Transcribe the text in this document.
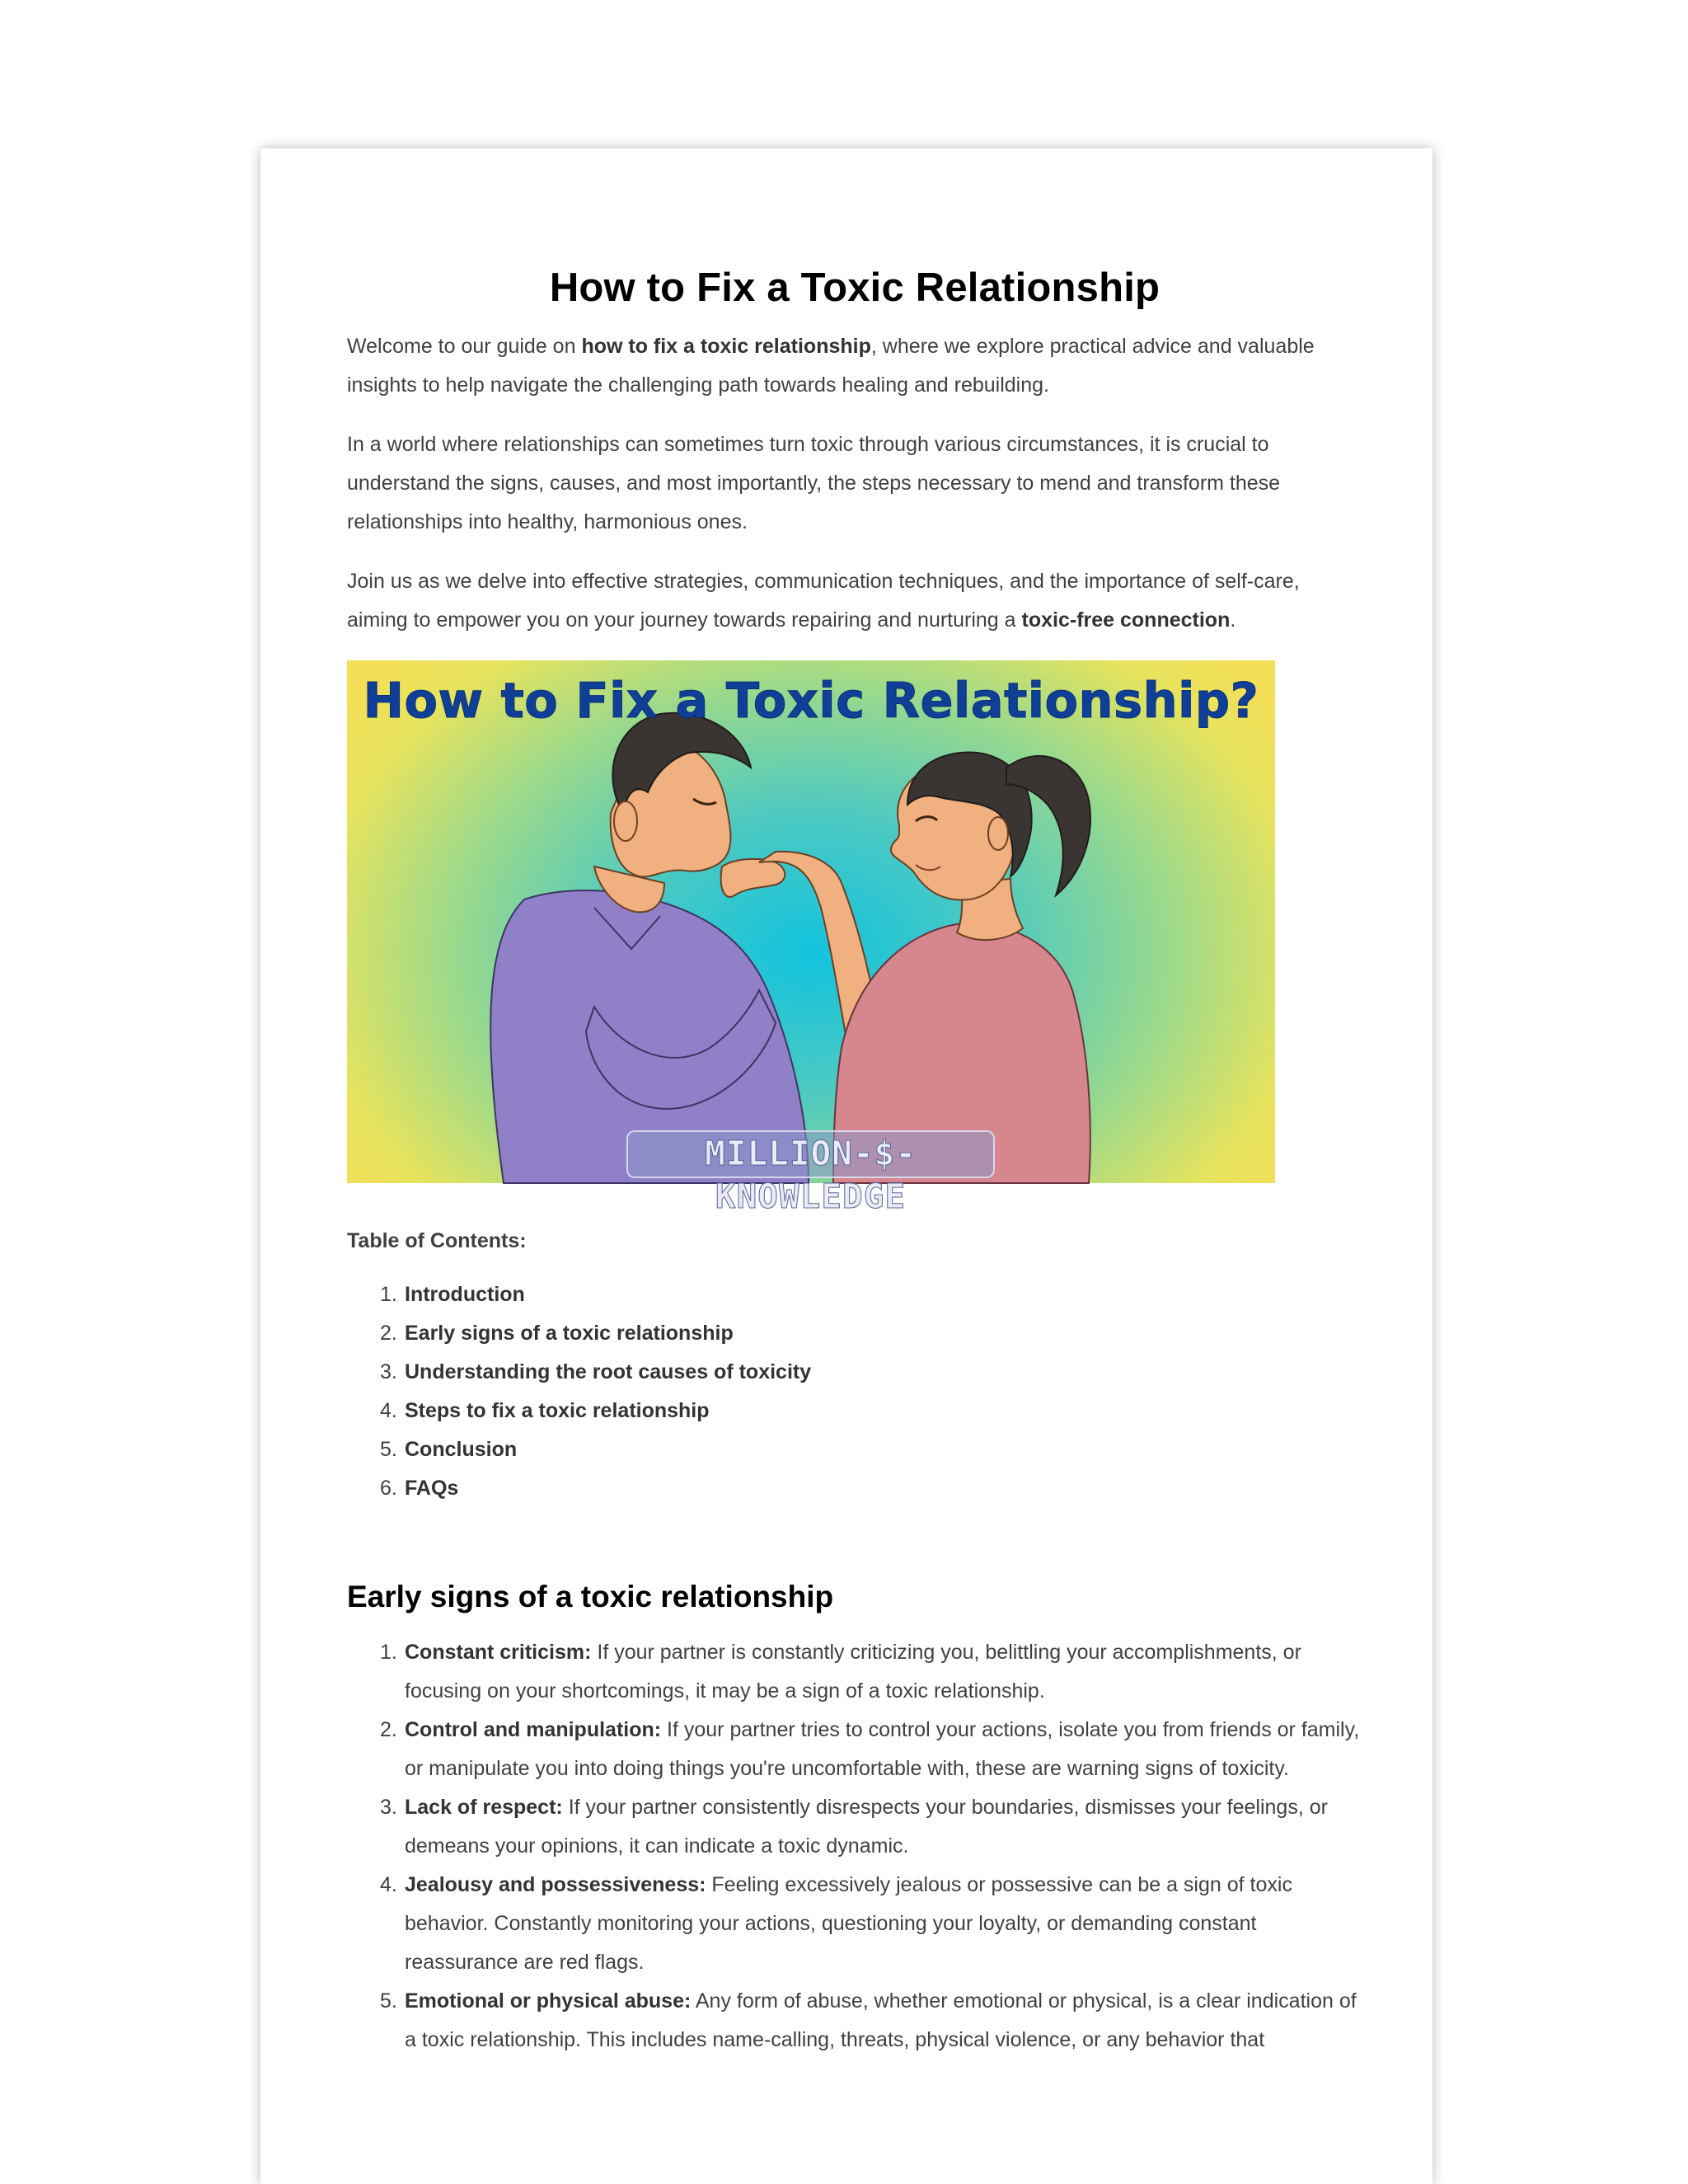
How to Fix a Toxic Relationship

Welcome to our guide on how to fix a toxic relationship, where we explore practical advice and valuable insights to help navigate the challenging path towards healing and rebuilding.

In a world where relationships can sometimes turn toxic through various circumstances, it is crucial to understand the signs, causes, and most importantly, the steps necessary to mend and transform these relationships into healthy, harmonious ones.

Join us as we delve into effective strategies, communication techniques, and the importance of self-care, aiming to empower you on your journey towards repairing and nurturing a toxic-free connection.

How to Fix a Toxic Relationship?
MILLION-$-KNOWLEDGE

Table of Contents:

1. Introduction
2. Early signs of a toxic relationship
3. Understanding the root causes of toxicity
4. Steps to fix a toxic relationship
5. Conclusion
6. FAQs
Early signs of a toxic relationship
1. Constant criticism: If your partner is constantly criticizing you, belittling your accomplishments, or focusing on your shortcomings, it may be a sign of a toxic relationship.
2. Control and manipulation: If your partner tries to control your actions, isolate you from friends or family, or manipulate you into doing things you're uncomfortable with, these are warning signs of toxicity.
3. Lack of respect: If your partner consistently disrespects your boundaries, dismisses your feelings, or demeans your opinions, it can indicate a toxic dynamic.
4. Jealousy and possessiveness: Feeling excessively jealous or possessive can be a sign of toxic behavior. Constantly monitoring your actions, questioning your loyalty, or demanding constant reassurance are red flags.
5. Emotional or physical abuse: Any form of abuse, whether emotional or physical, is a clear indication of a toxic relationship. This includes name-calling, threats, physical violence, or any behavior that
